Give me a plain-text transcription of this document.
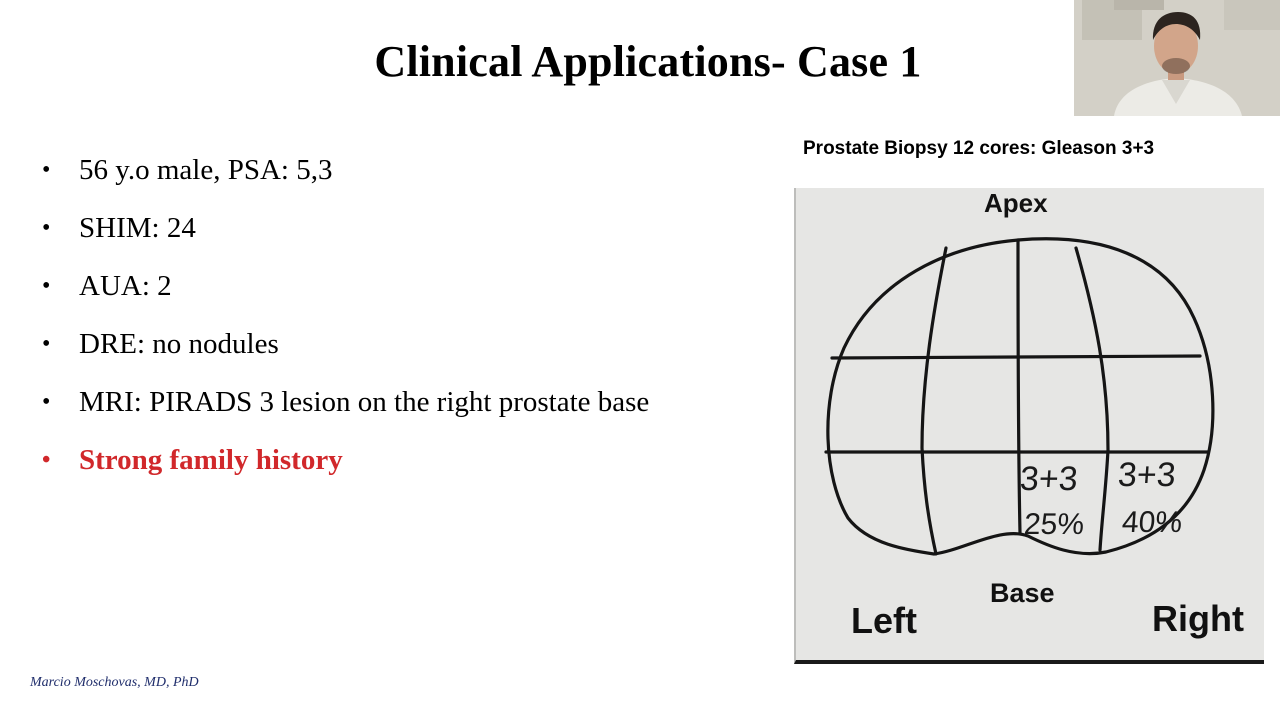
Clinical Applications- Case 1
• 56 y.o male, PSA: 5,3
• SHIM: 24
• AUA: 2
• DRE: no nodules
• MRI: PIRADS 3 lesion on the right prostate base
• Strong family history
Prostate Biopsy 12 cores: Gleason 3+3
Apex
3+3 3+3
25% 40%
Base
Left	Right
Marcio Moschovas, MD, PhD
